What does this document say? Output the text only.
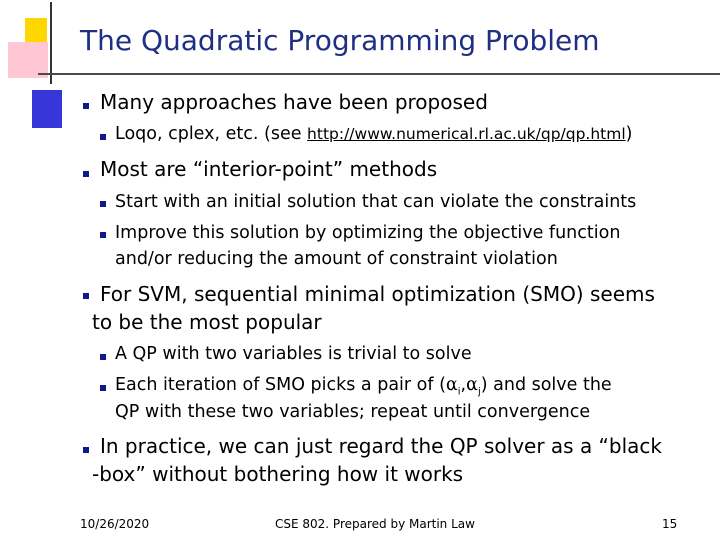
The Quadratic Programming Problem
Many approaches have been proposed
Loqo, cplex, etc. (see http://www.numerical.rl.ac.uk/qp/qp.html)
Most are “interior-point” methods
Start with an initial solution that can violate the constraints
Improve this solution by optimizing the objective function
and/or reducing the amount of constraint violation
For SVM, sequential minimal optimization (SMO) seems
to be the most popular
A QP with two variables is trivial to solve
Each iteration of SMO picks a pair of $(\alpha_i,\alpha_j)$ and solve the
QP with these two variables; repeat until convergence
In practice, we can just regard the QP solver as a “black
-box” without bothering how it works
10/26/2020	CSE 802. Prepared by Martin Law	15
